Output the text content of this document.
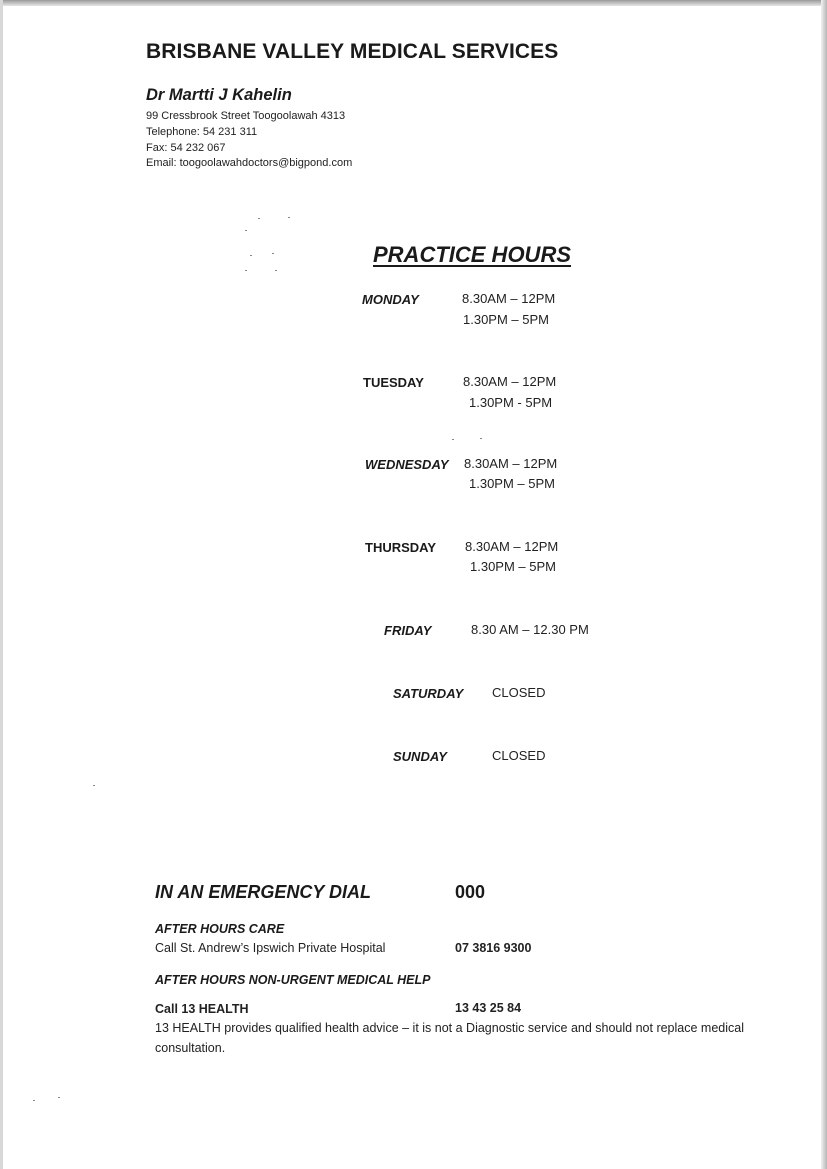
BRISBANE VALLEY MEDICAL SERVICES
Dr Martti J Kahelin
99 Cressbrook Street Toogoolawah 4313
Telephone: 54 231 311
Fax: 54 232 067
Email: toogoolawahdoctors@bigpond.com
PRACTICE HOURS
MONDAY	8.30AM – 12PM
1.30PM – 5PM
TUESDAY	8.30AM – 12PM
1.30PM - 5PM
WEDNESDAY 8.30AM – 12PM
1.30PM – 5PM
THURSDAY 8.30AM – 12PM
1.30PM – 5PM
FRIDAY	8.30 AM – 12.30 PM
SATURDAY CLOSED
SUNDAY	CLOSED
IN AN EMERGENCY DIAL	000
AFTER HOURS CARE
Call St. Andrew’s Ipswich Private Hospital	07 3816 9300
AFTER HOURS NON-URGENT MEDICAL HELP
Call 13 HEALTH	13 43 25 84
13 HEALTH provides qualified health advice – it is not a Diagnostic service and should not replace medical consultation.
